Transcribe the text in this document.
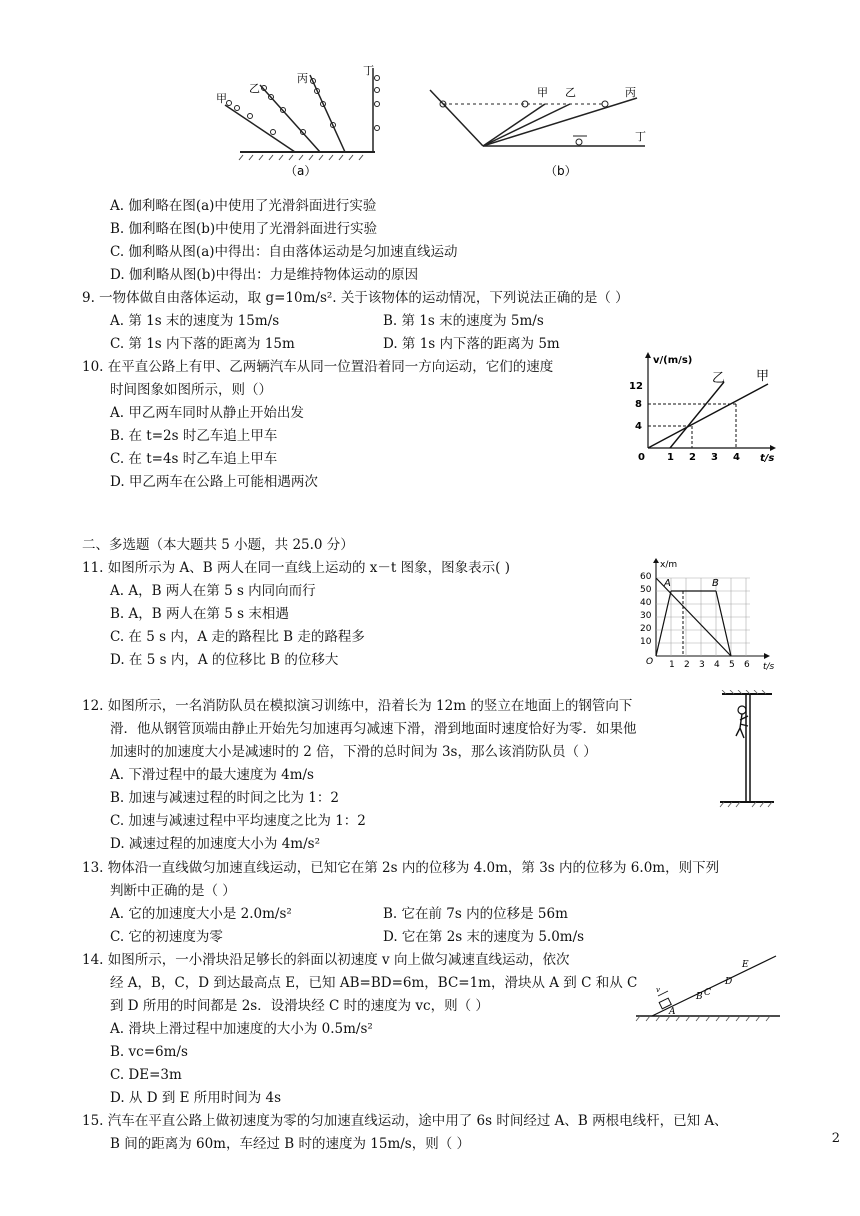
甲
乙
丙
丁
（a）
甲 乙	丙
丁
（b）
A. 伽利略在图(a)中使用了光滑斜面进行实验
B. 伽利略在图(b)中使用了光滑斜面进行实验
C. 伽利略从图(a)中得出：自由落体运动是匀加速直线运动
D. 伽利略从图(b)中得出：力是维持物体运动的原因
9. 一物体做自由落体运动，取 g=10m/s². 关于该物体的运动情况，下列说法正确的是（ ）
A. 第 1s 末的速度为 15m/s	B. 第 1s 末的速度为 5m/s
C. 第 1s 内下落的距离为 15m	D. 第 1s 内下落的距离为 5m
10. 在平直公路上有甲、乙两辆汽车从同一位置沿着同一方向运动，它们的速度
时间图象如图所示，则（）
A. 甲乙两车同时从静止开始出发
B. 在 t=2s 时乙车追上甲车
C. 在 t=4s 时乙车追上甲车
D. 甲乙两车在公路上可能相遇两次
v/(m/s)
t/s
12
8
4
0 1 2 3 4
乙 甲
二、多选题（本大题共 5 小题，共 25.0 分）
11. 如图所示为 A、B 两人在同一直线上运动的 x－t 图象，图象表示( )
A. A，B 两人在第 5 s 内同向而行
B. A，B 两人在第 5 s 末相遇
C. 在 5 s 内，A 走的路程比 B 走的路程多
D. 在 5 s 内，A 的位移比 B 的位移大
x/m
t/s
60
50
40
30
20
10
O 1 2 3 4 5 6
A	B
12. 如图所示，一名消防队员在模拟演习训练中，沿着长为 12m 的竖立在地面上的钢管向下
滑．他从钢管顶端由静止开始先匀加速再匀减速下滑，滑到地面时速度恰好为零．如果他
加速时的加速度大小是减速时的 2 倍，下滑的总时间为 3s，那么该消防队员（ ）
A. 下滑过程中的最大速度为 4m/s
B. 加速与减速过程的时间之比为 1：2
C. 加速与减速过程中平均速度之比为 1：2
D. 减速过程的加速度大小为 4m/s²
13. 物体沿一直线做匀加速直线运动，已知它在第 2s 内的位移为 4.0m，第 3s 内的位移为 6.0m，则下列
判断中正确的是（ ）
A. 它的加速度大小是 2.0m/s²	B. 它在前 7s 内的位移是 56m
C. 它的初速度为零	D. 它在第 2s 末的速度为 5.0m/s
14. 如图所示，一小滑块沿足够长的斜面以初速度 v 向上做匀减速直线运动，依次
经 A，B，C，D 到达最高点 E，已知 AB=BD=6m，BC=1m，滑块从 A 到 C 和从 C
到 D 所用的时间都是 2s．设滑块经 C 时的速度为 vc，则（ ）
A. 滑块上滑过程中加速度的大小为 0.5m/s²
B. vc=6m/s
C. DE=3m
D. 从 D 到 E 所用时间为 4s
v
A
B C
D
E
15. 汽车在平直公路上做初速度为零的匀加速直线运动，途中用了 6s 时间经过 A、B 两根电线杆，已知 A、
B 间的距离为 60m，车经过 B 时的速度为 15m/s，则（ ）	2
